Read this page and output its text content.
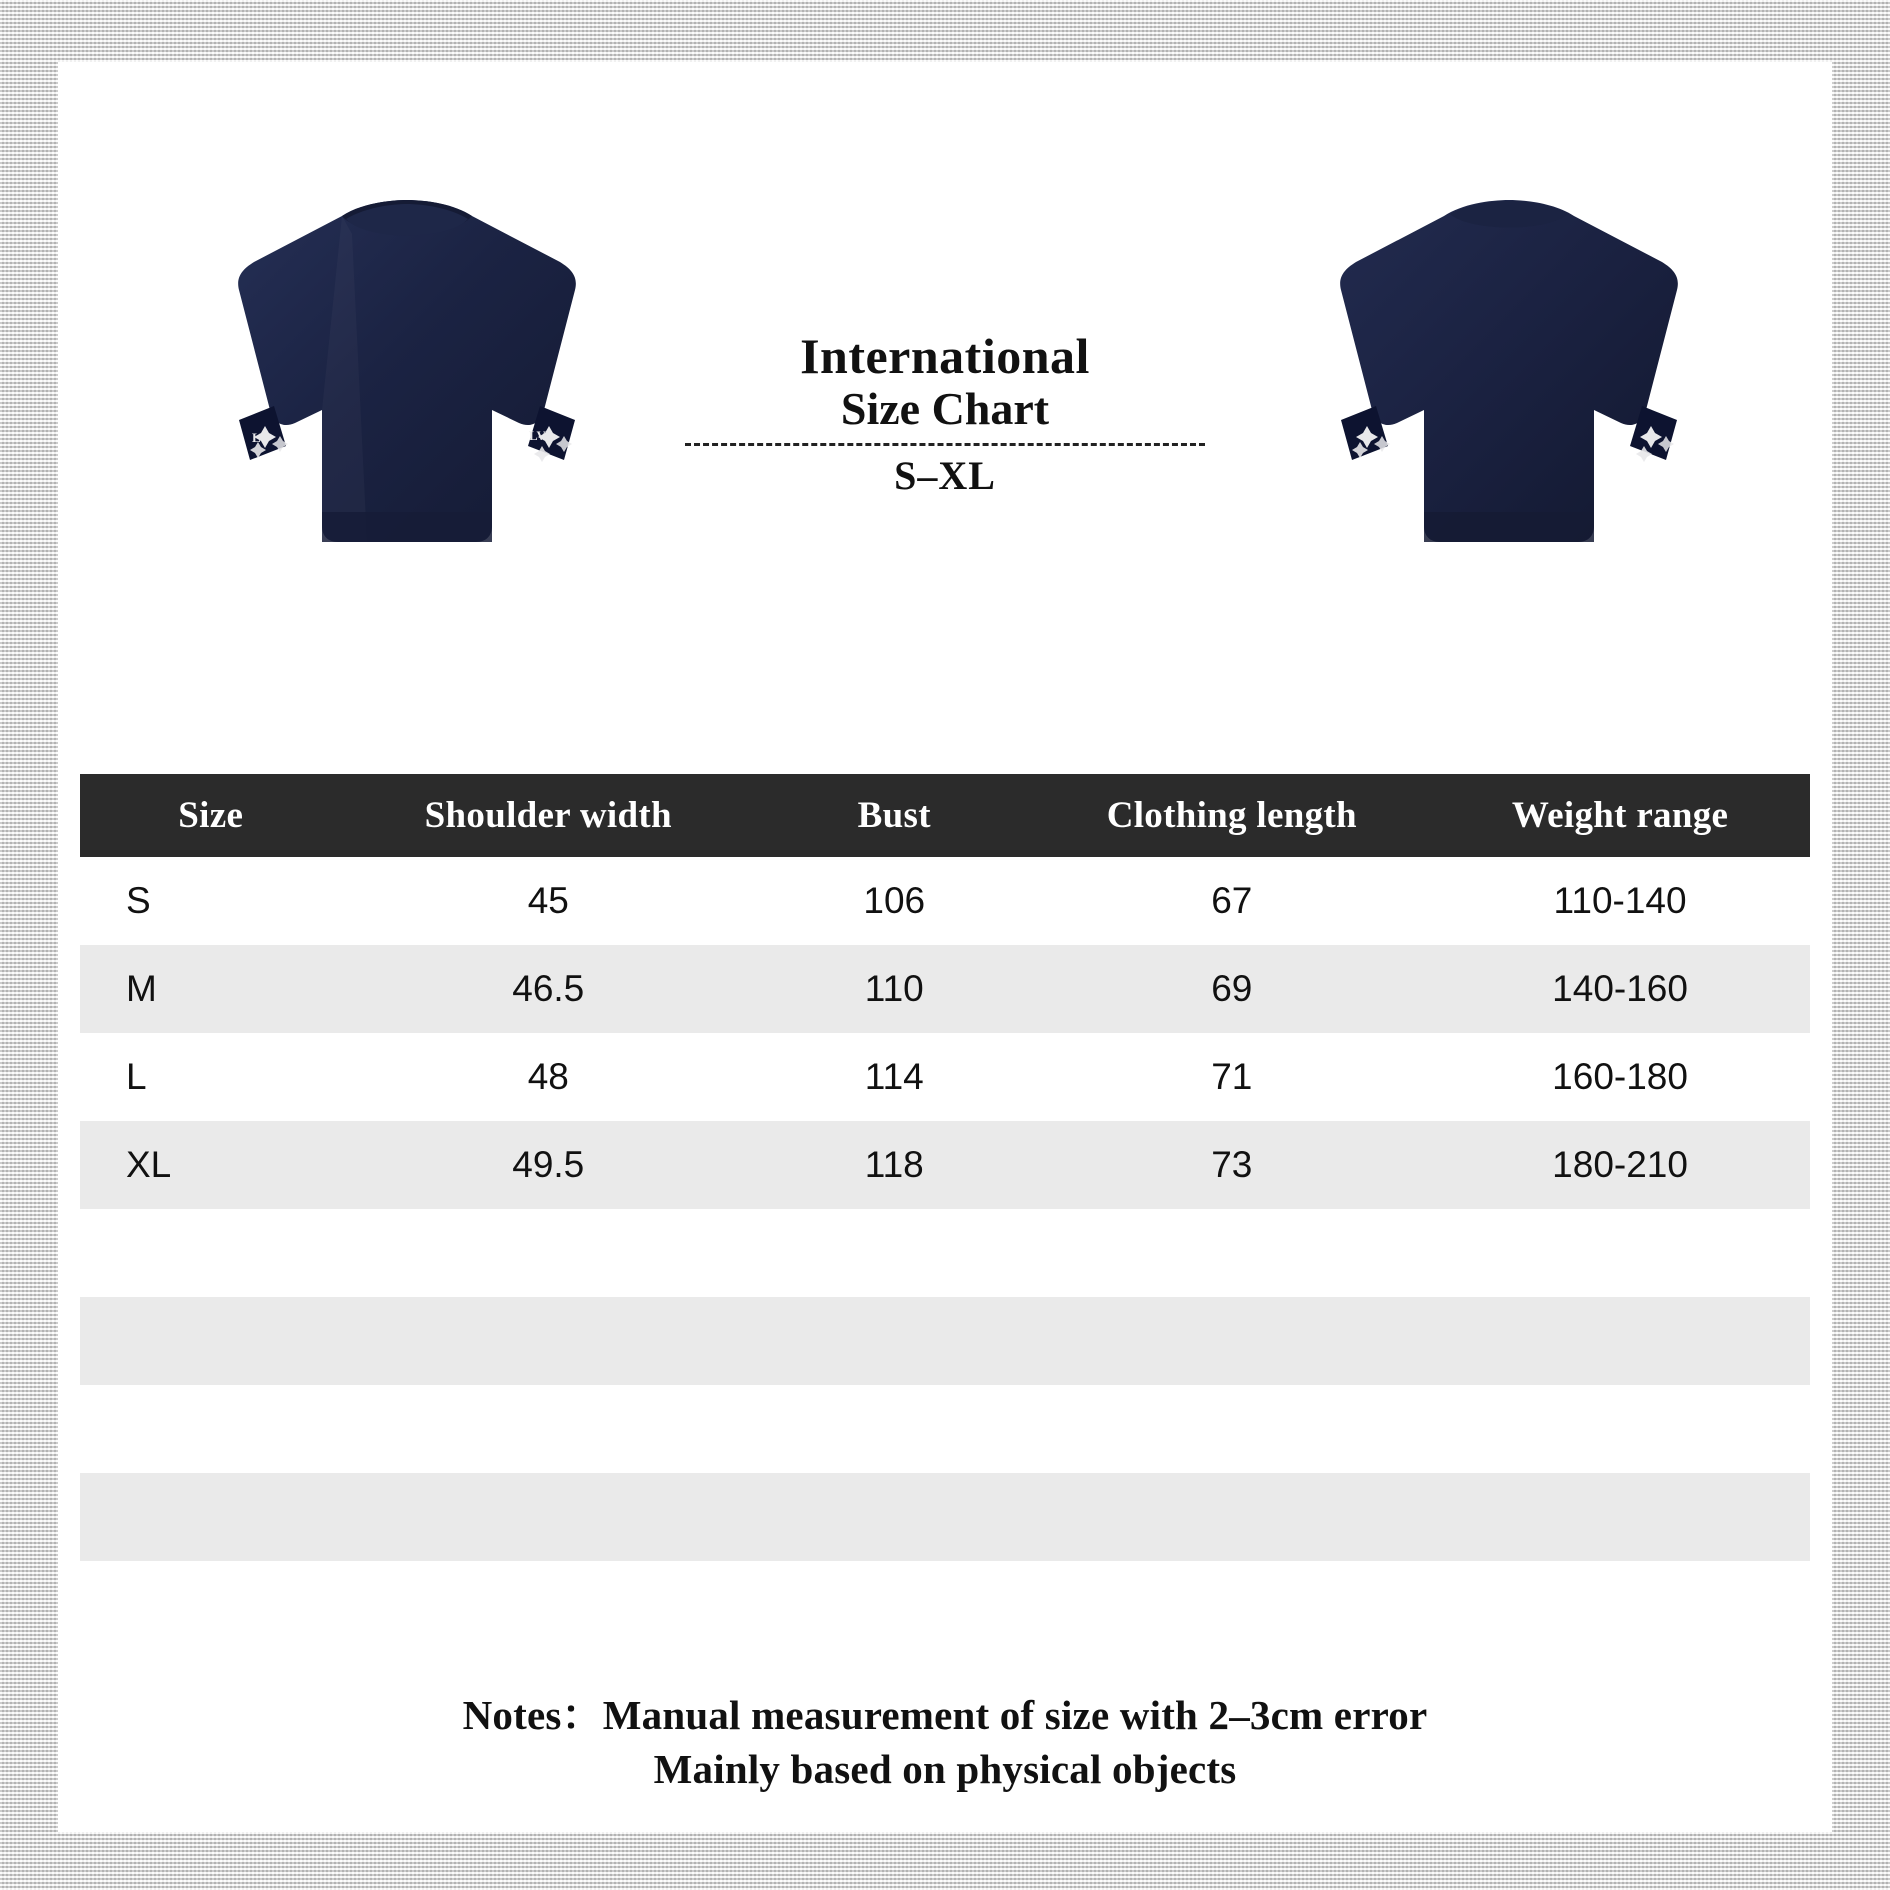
LV	LV
International
Size Chart
S–XL
Size	Shoulder width	Bust	Clothing length	Weight range
S	45	106	67	110-140
M	46.5	110	69	140-160
L	48	114	71	160-180
XL	49.5	118	73	180-210

Notes：Manual measurement of size with 2–3cm error
Mainly based on physical objects
